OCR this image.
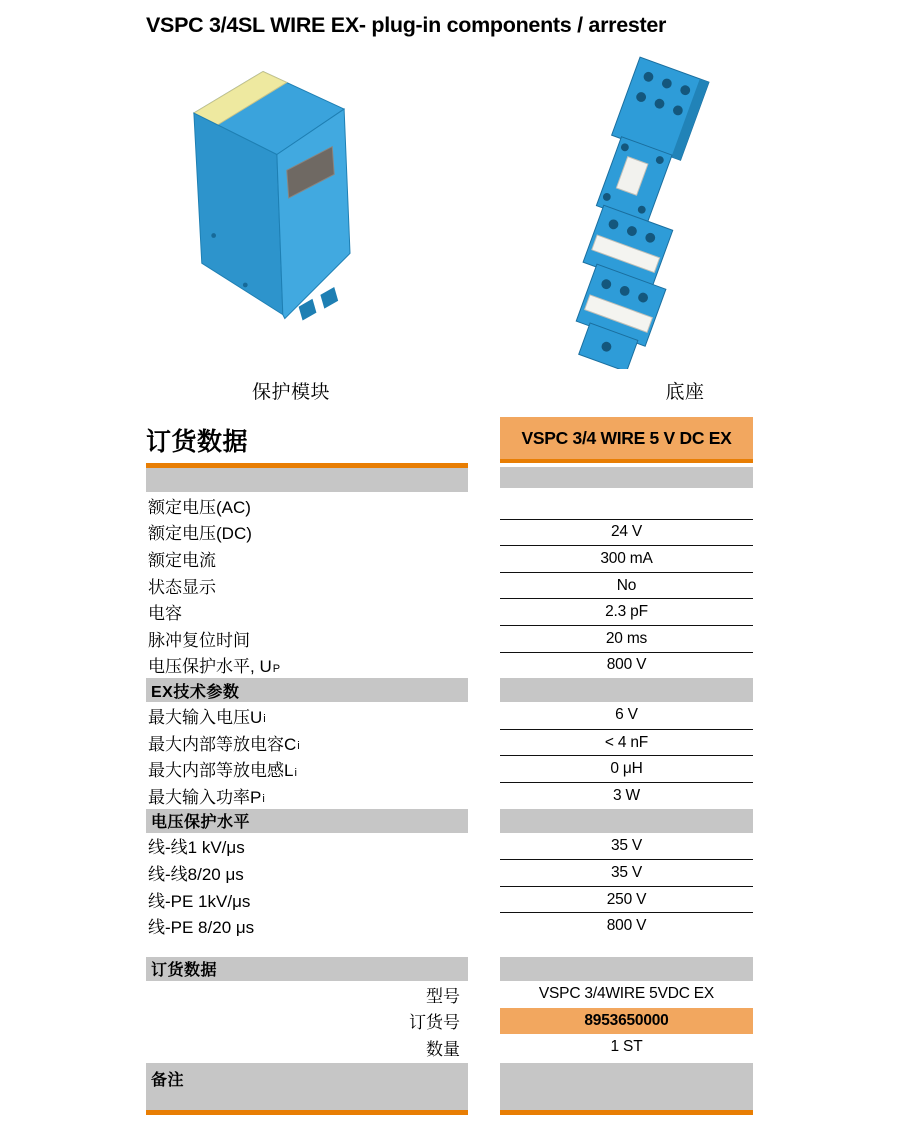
VSPC 3/4SL WIRE EX- plug-in components / arrester
保护模块	底座
订货数据	VSPC 3/4 WIRE 5 V DC EX
额定电压(AC)
额定电压(DC)	24 V
额定电流	300 mA
状态显示	No
电容	2.3 pF
脉冲复位时间	20 ms
电压保护水平, U P	800 V
EX技术参数
最大输入电压U i	6 V
最大内部等放电容C i	< 4 nF
最大内部等放电感L i	0 μH
最大输入功率P i	3 W
电压保护水平
线-线1 kV/μs	35 V
线-线8/20 μs	35 V
线-PE 1kV/μs	250 V
线-PE 8/20 μs	800 V
订货数据
型号	VSPC 3/4WIRE 5VDC EX
订货号	8953650000
数量	1 ST
备注
